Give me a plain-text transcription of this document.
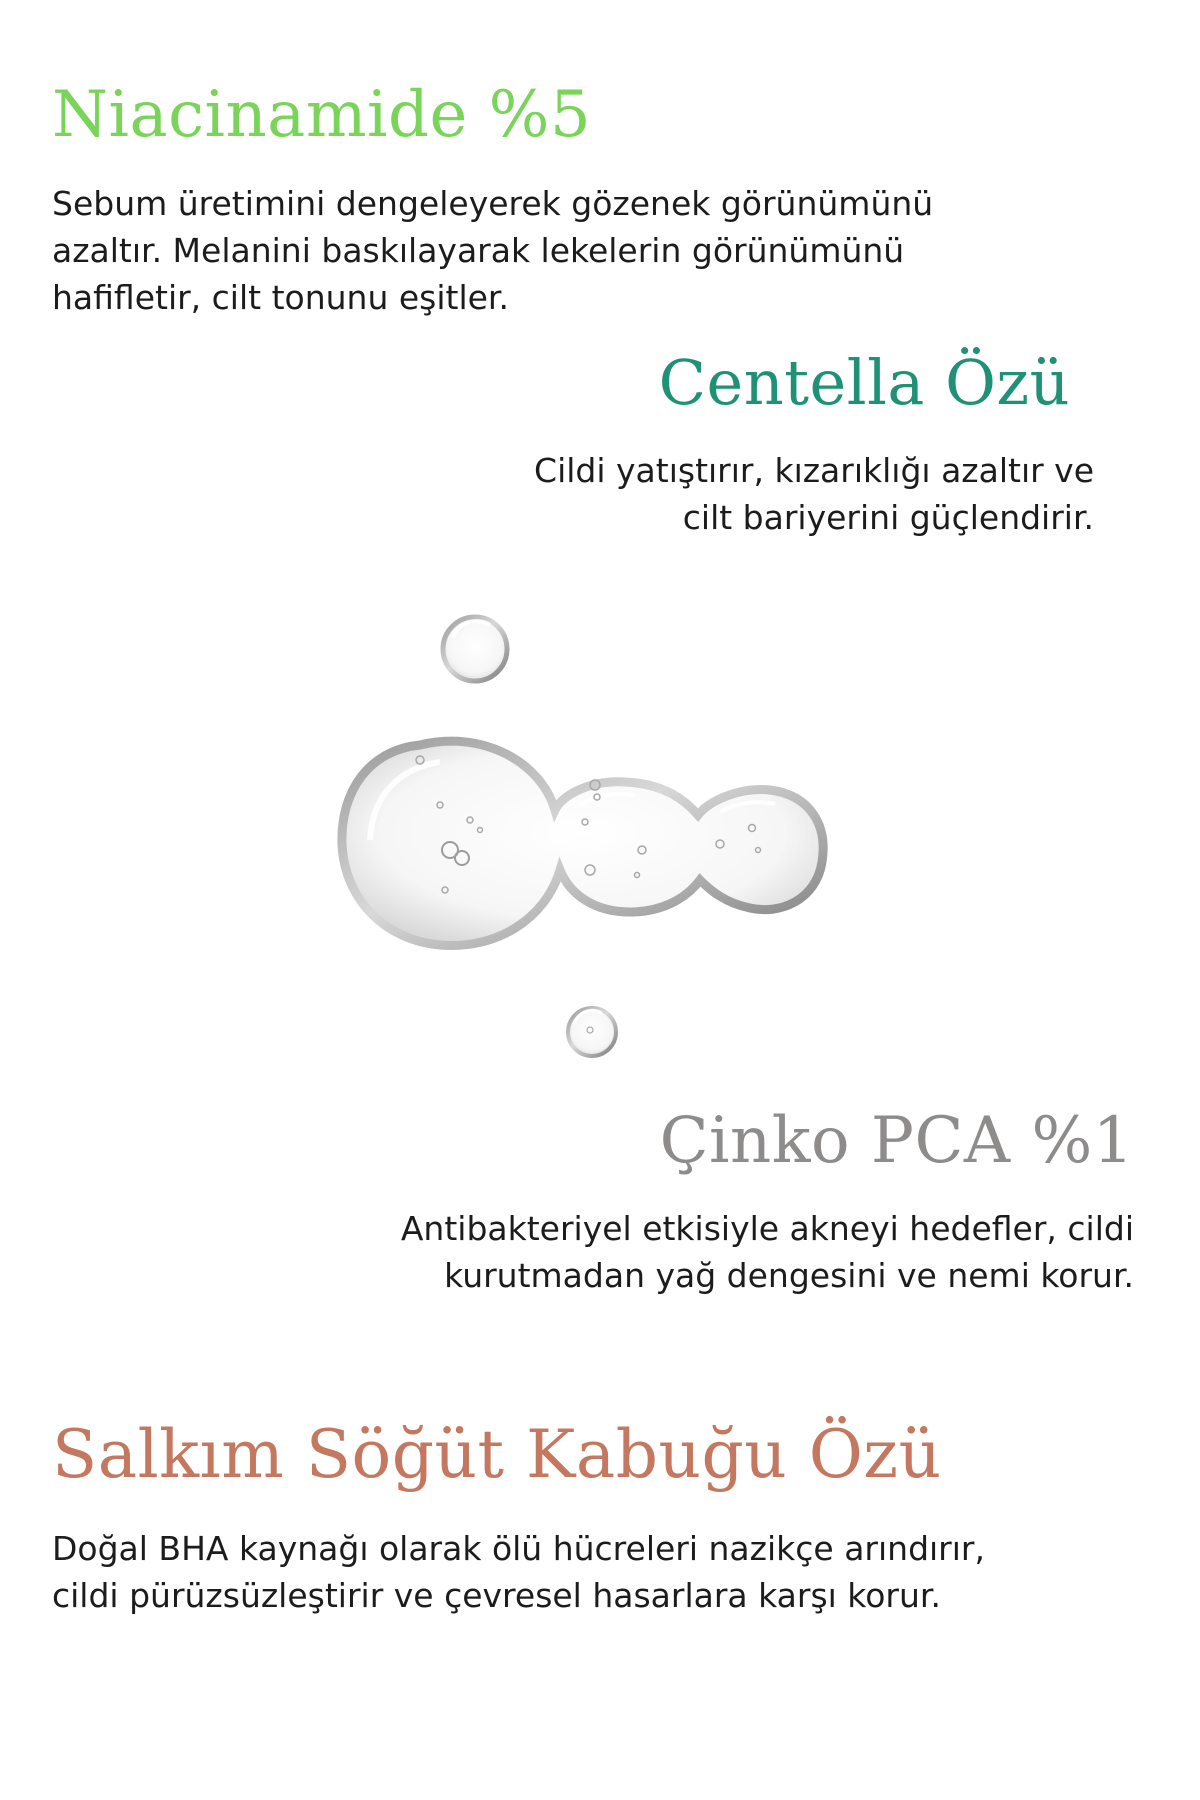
Niacinamide %5

Sebum üretimini dengeleyerek gözenek görünümünü
azaltır. Melanini baskılayarak lekelerin görünümünü
hafifletir, cilt tonunu eşitler.

Centella Özü

Cildi yatıştırır, kızarıklığı azaltır ve
cilt bariyerini güçlendirir.

Çinko PCA %1

Antibakteriyel etkisiyle akneyi hedefler, cildi
kurutmadan yağ dengesini ve nemi korur.

Salkım Söğüt Kabuğu Özü

Doğal BHA kaynağı olarak ölü hücreleri nazikçe arındırır,
cildi pürüzsüzleştirir ve çevresel hasarlara karşı korur.
